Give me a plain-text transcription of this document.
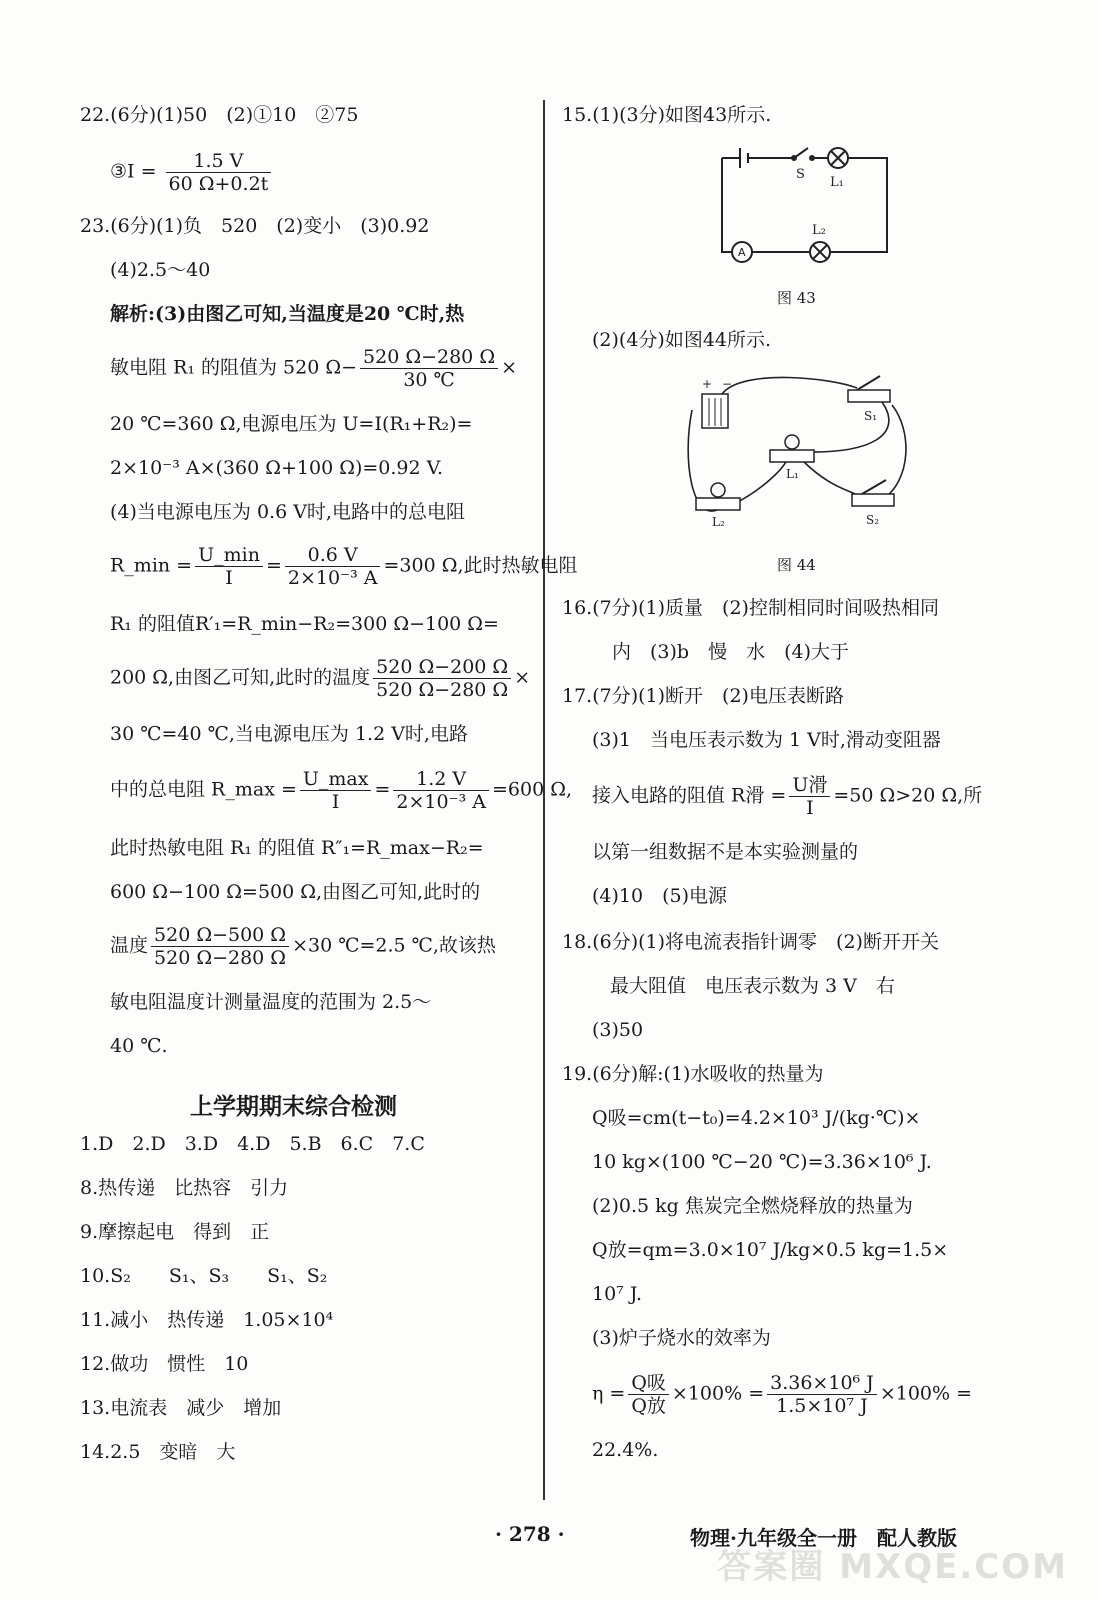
22.(6分)(1)50　(2)①10　②75
③I = $\frac{1.5 V}{60 \Omega+0.2t}$
23.(6分)(1)负　520　(2)变小　(3)0.92
(4)2.5～40
解析:(3)由图乙可知,当温度是20 ℃时,热
敏电阻 R₁ 的阻值为 520 $\Omega- \frac{520 \Omega-280 \Omega}{30 ℃}$ ×
20 ℃=360 Ω,电源电压为 U=I(R₁+R₂)=
2×10⁻³ A×(360 Ω+100 Ω)=0.92 V.
(4)当电源电压为 0.6 V时,电路中的总电阻
R_min = $\frac{U\_\min}{I} = \frac{0.6 V}{\text{2×10⁻³ A}} =300$ Ω,此时热敏电阻
R₁ 的阻值R′₁=R_min−R₂=300 Ω−100 Ω=
200 Ω,由图乙可知,此时的温度 $\frac{520 \Omega-200 \Omega}{520 \Omega-280 \Omega}$ ×
30 ℃=40 ℃,当电源电压为 1.2 V时,电路
中的总电阻 R_max = $\frac{U\_\max}{I} = \frac{1.2 V}{\text{2×10⁻³ A}} =600$ Ω,
此时热敏电阻 R₁ 的阻值 R″₁=R_max−R₂=
600 Ω−100 Ω=500 Ω,由图乙可知,此时的
温度 $\frac{520 \Omega-500 \Omega}{520 \Omega-280 \Omega} \times 30$ ℃=2.5 ℃,故该热
敏电阻温度计测量温度的范围为 2.5～
40 ℃.
上学期期末综合检测
1.D　2.D　3.D　4.D　5.B　6.C　7.C
8.热传递　比热容　引力
9.摩擦起电　得到　正
10.S₂　　S₁、S₃　　S₁、S₂
11.减小　热传递　1.05×10⁴
12.做功　惯性　10
13.电流表　减少　增加
14.2.5　变暗　大
15.(1)(3分)如图43所示.
A
S
L₁
L₂
图 43
(2)(4分)如图44所示.
+ −
S₁
L₁
L₂	S₂
图 44
16.(7分)(1)质量　(2)控制相同时间吸热相同
内　(3)b　慢　水　(4)大于
17.(7分)(1)断开　(2)电压表断路
(3)1　当电压表示数为 1 V时,滑动变阻器
接入电路的阻值 R滑 = $\frac{\text{U滑}}{I} =50$ Ω>20 Ω,所
以第一组数据不是本实验测量的
(4)10　(5)电源
18.(6分)(1)将电流表指针调零　(2)断开开关
最大阻值　电压表示数为 3 V　右
(3)50
19.(6分)解:(1)水吸收的热量为
Q吸=cm(t−t₀)=4.2×10³ J/(kg·℃)×
10 kg×(100 ℃−20 ℃)=3.36×10⁶ J.
(2)0.5 kg 焦炭完全燃烧释放的热量为
Q放=qm=3.0×10⁷ J/kg×0.5 kg=1.5×
10⁷ J.
(3)炉子烧水的效率为
$\eta = \frac{\text{Q吸}}{\text{Q放}} \times 100\% = \frac{\text{3.36×10⁶ J}}{\text{1.5×10⁷ J}} \times 100\%$ =
22.4%.
· 278 ·	物理·九年级全一册　配人教版
答案圈 MXQE.COM
